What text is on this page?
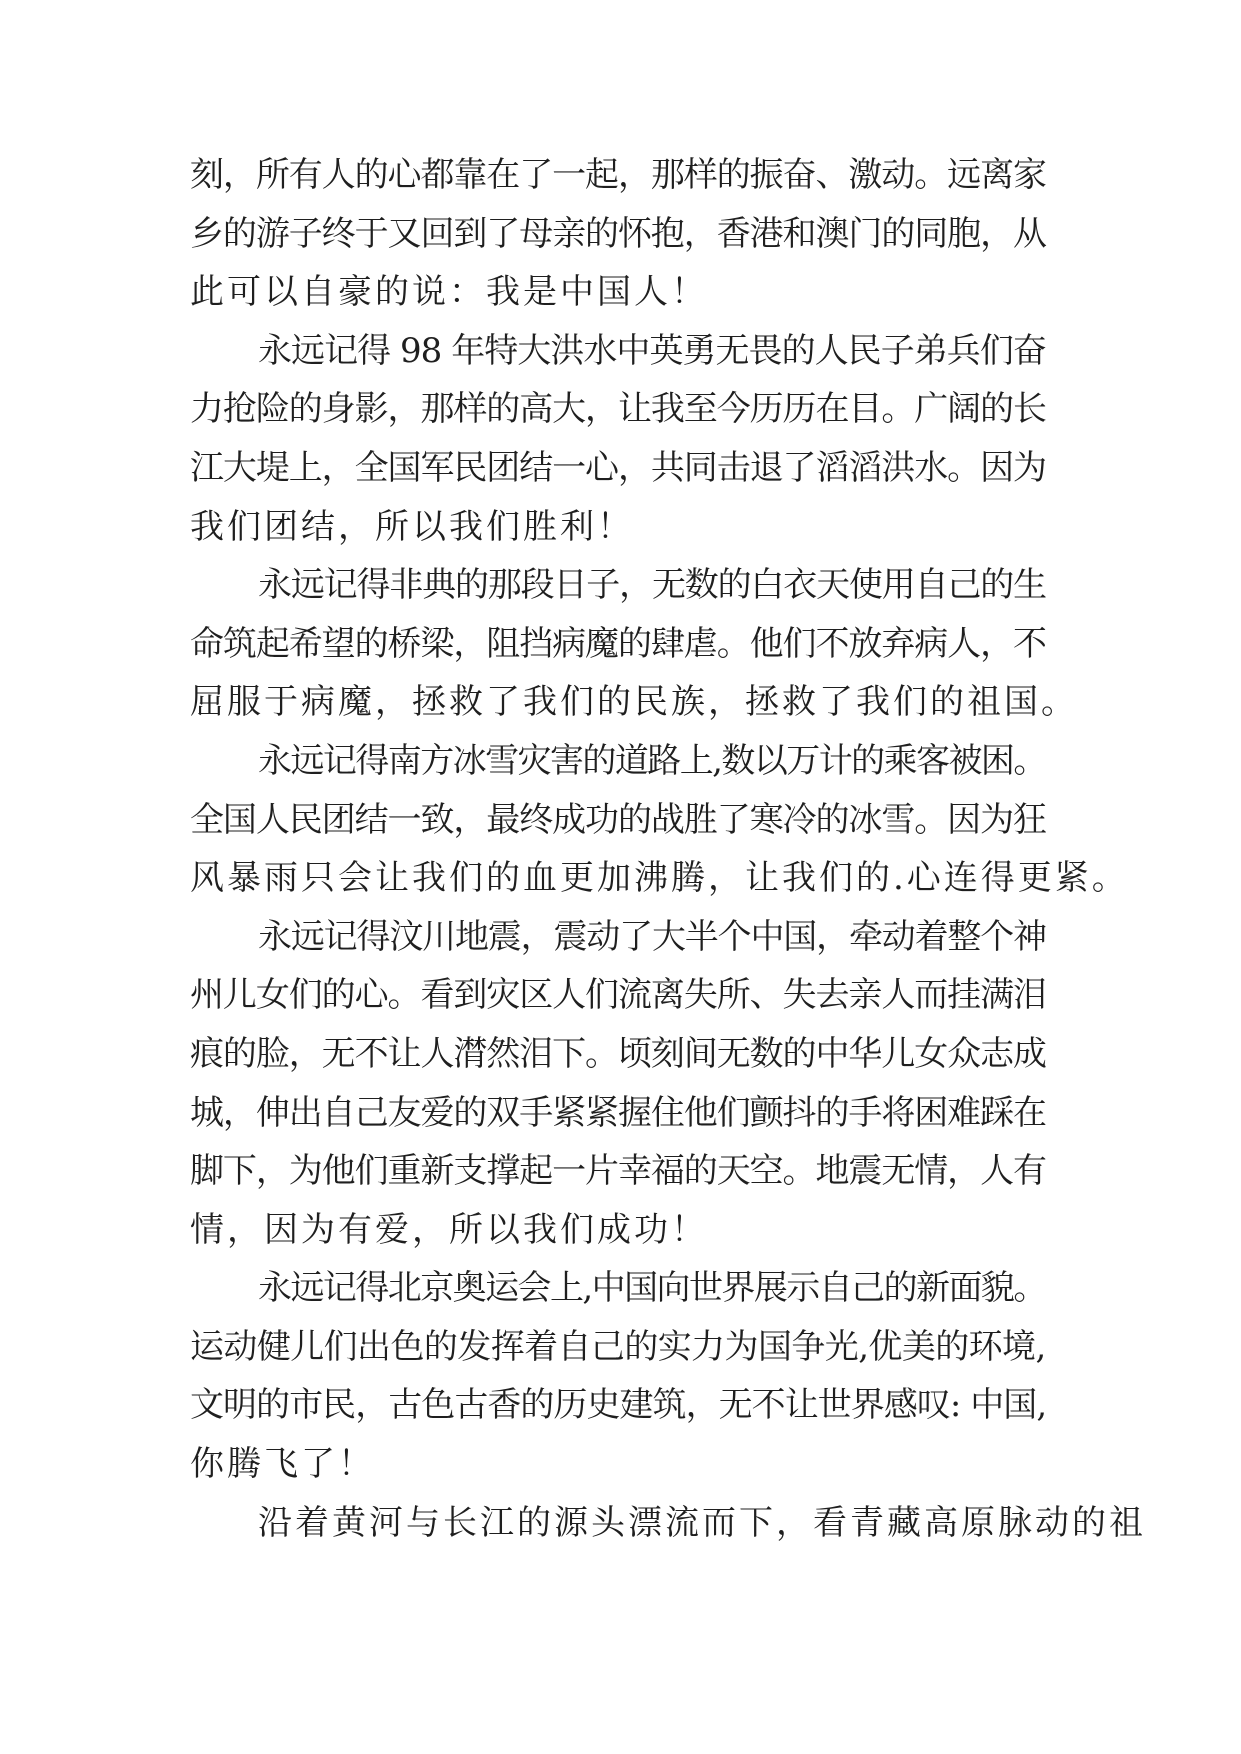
刻，所有人的心都靠在了一起，那样的振奋、激动。远离家
乡的游子终于又回到了母亲的怀抱，香港和澳门的同胞，从
此可以自豪的说：我是中国人！
永远记得 98 年特大洪水中英勇无畏的人民子弟兵们奋
力抢险的身影，那样的高大，让我至今历历在目。广阔的长
江大堤上，全国军民团结一心，共同击退了滔滔洪水。因为
我们团结，所以我们胜利！
永远记得非典的那段日子，无数的白衣天使用自己的生
命筑起希望的桥梁，阻挡病魔的肆虐。他们不放弃病人，不
屈服于病魔，拯救了我们的民族，拯救了我们的祖国。
永远记得南方冰雪灾害的道路上,数以万计的乘客被困。
全国人民团结一致，最终成功的战胜了寒冷的冰雪。因为狂
风暴雨只会让我们的血更加沸腾，让我们的.心连得更紧。
永远记得汶川地震，震动了大半个中国，牵动着整个神
州儿女们的心。看到灾区人们流离失所、失去亲人而挂满泪
痕的脸，无不让人潸然泪下。顷刻间无数的中华儿女众志成
城，伸出自己友爱的双手紧紧握住他们颤抖的手将困难踩在
脚下，为他们重新支撑起一片幸福的天空。地震无情，人有
情，因为有爱，所以我们成功！
永远记得北京奥运会上,中国向世界展示自己的新面貌。
运动健儿们出色的发挥着自己的实力为国争光,优美的环境,
文明的市民，古色古香的历史建筑，无不让世界感叹: 中国,
你腾飞了！
沿着黄河与长江的源头漂流而下，看青藏高原脉动的祖
